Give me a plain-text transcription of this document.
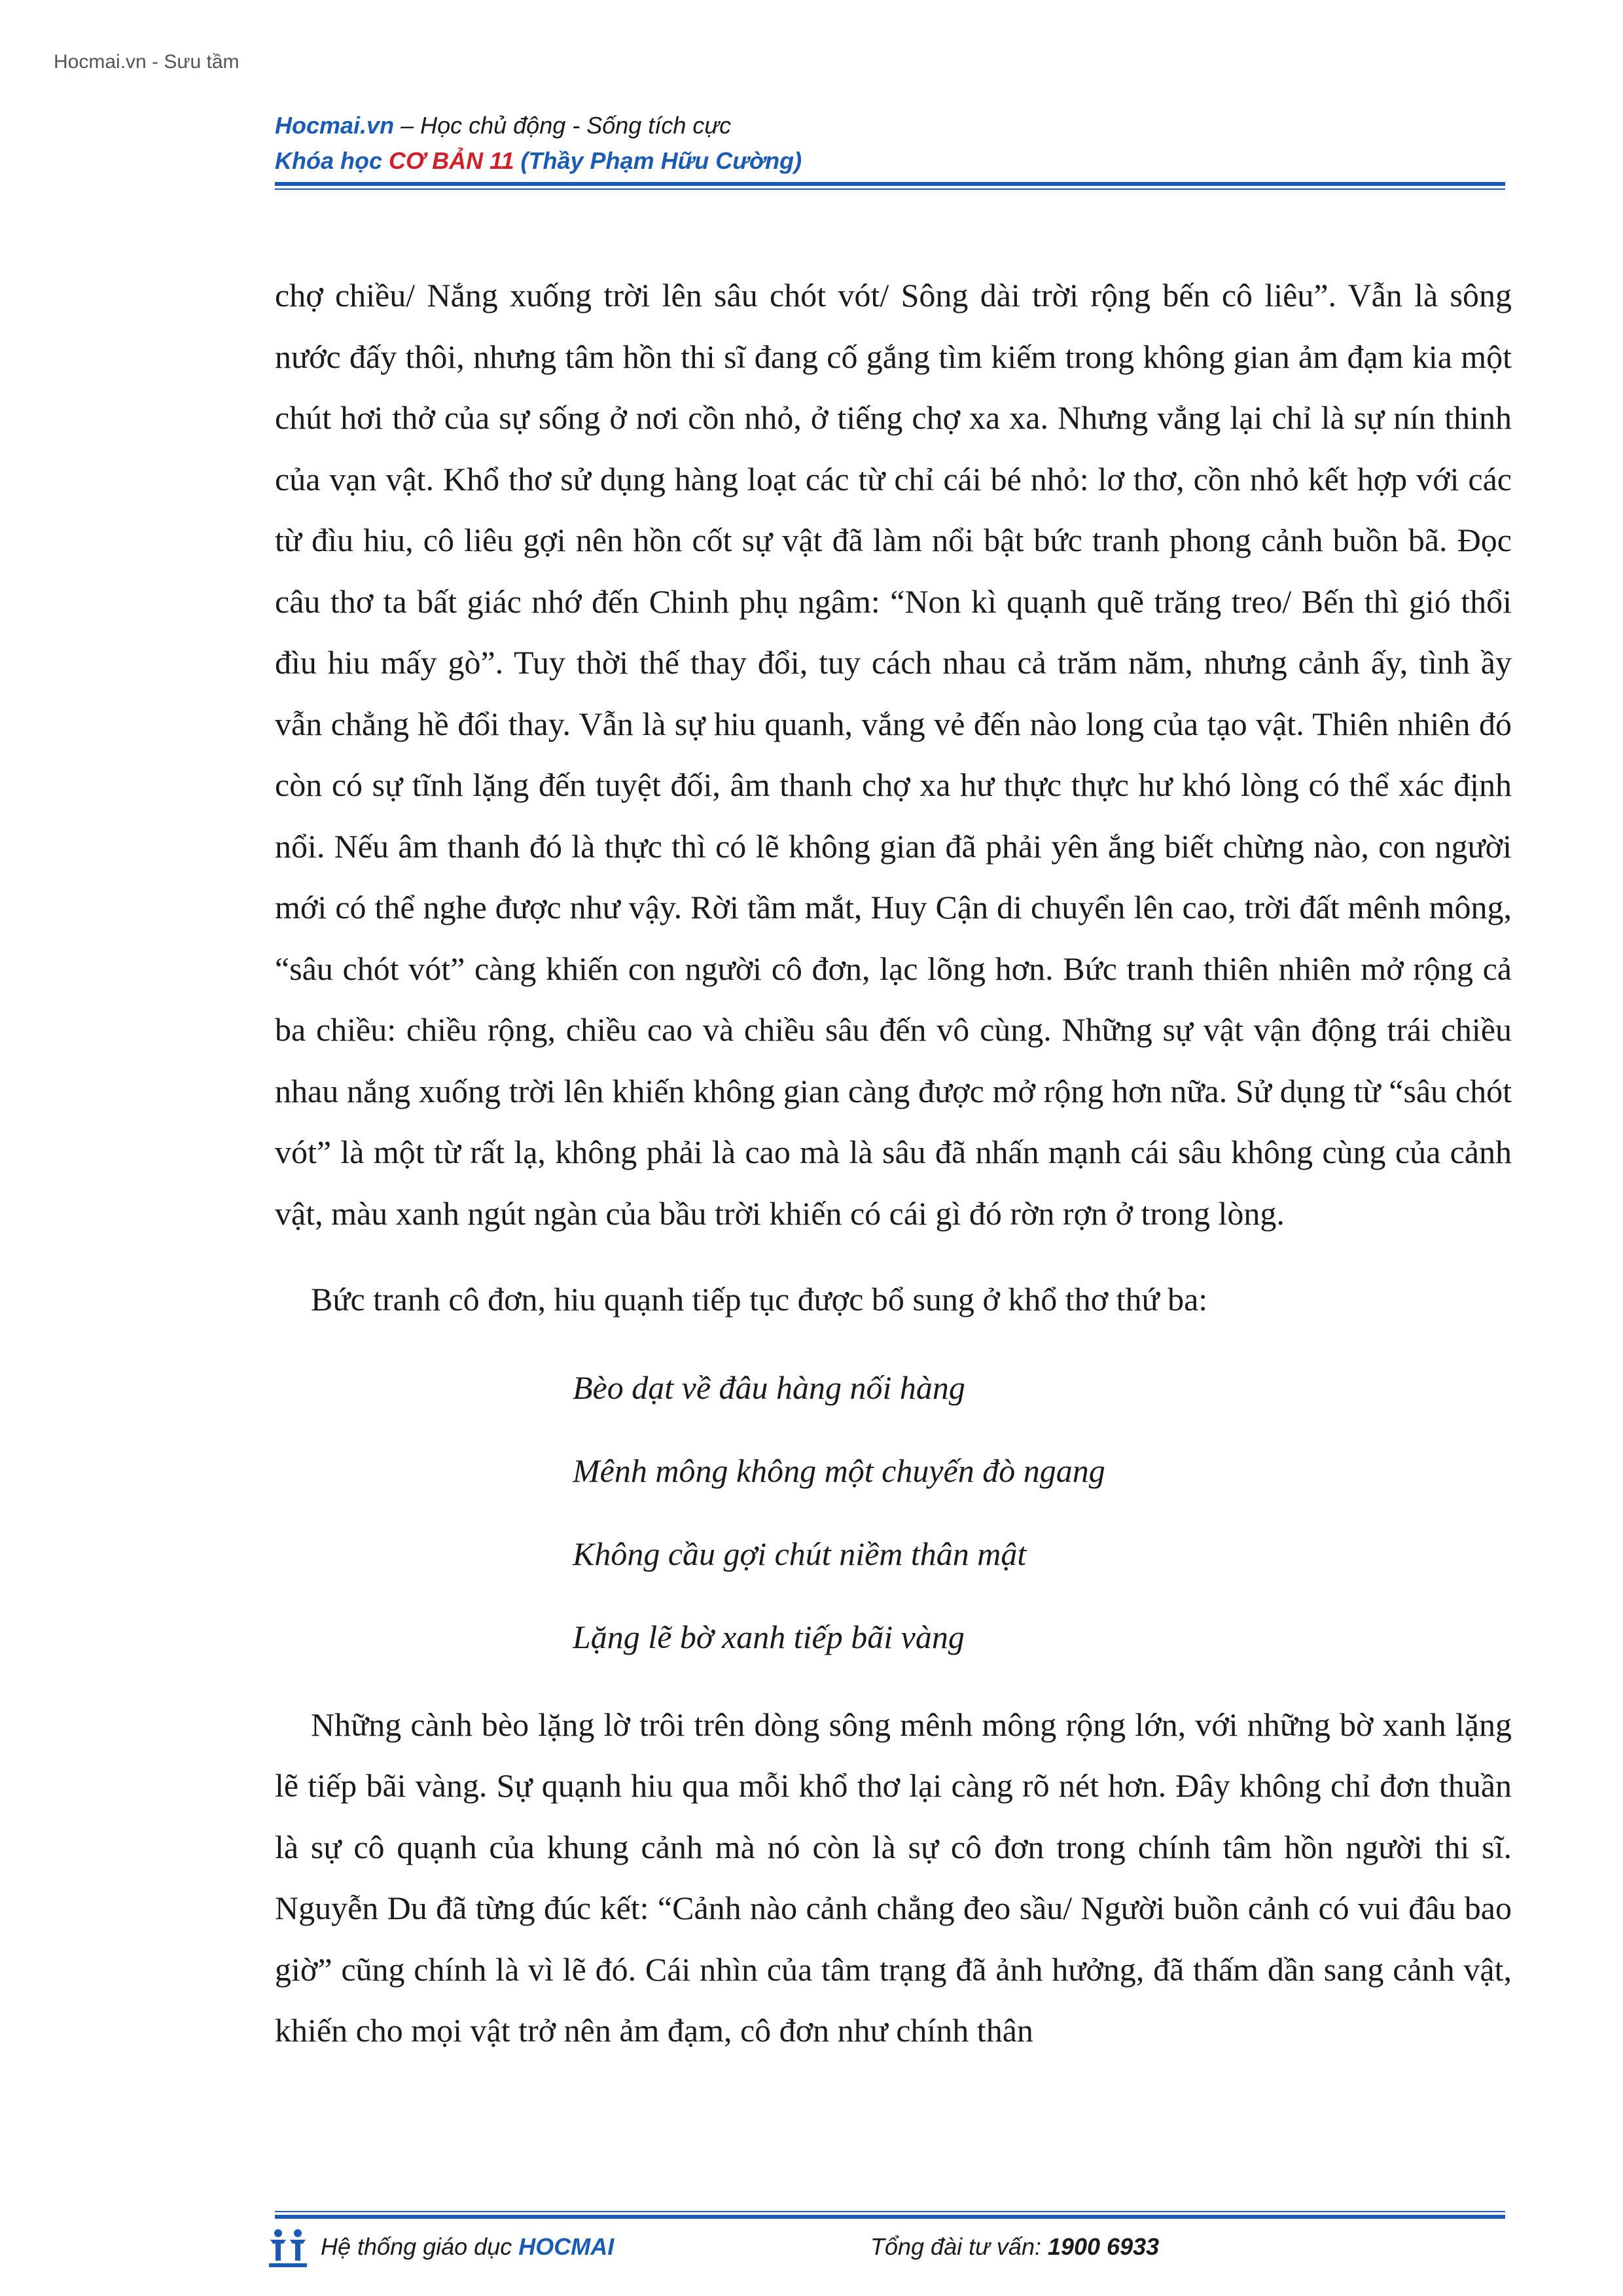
Hocmai.vn - Sưu tầm
Hocmai.vn – Học chủ động - Sống tích cực
Khóa học CƠ BẢN 11 (Thầy Phạm Hữu Cường)

chợ chiều/ Nắng xuống trời lên sâu chót vót/ Sông dài trời rộng bến cô liêu”. Vẫn là sông nước đấy thôi, nhưng tâm hồn thi sĩ đang cố gắng tìm kiếm trong không gian ảm đạm kia một chút hơi thở của sự sống ở nơi cồn nhỏ, ở tiếng chợ xa xa. Nhưng vẳng lại chỉ là sự nín thinh của vạn vật. Khổ thơ sử dụng hàng loạt các từ chỉ cái bé nhỏ: lơ thơ, cồn nhỏ kết hợp với các từ đìu hiu, cô liêu gợi nên hồn cốt sự vật đã làm nổi bật bức tranh phong cảnh buồn bã. Đọc câu thơ ta bất giác nhớ đến Chinh phụ ngâm: “Non kì quạnh quẽ trăng treo/ Bến thì gió thổi đìu hiu mấy gò”. Tuy thời thế thay đổi, tuy cách nhau cả trăm năm, nhưng cảnh ấy, tình ầy vẫn chẳng hề đổi thay. Vẫn là sự hiu quanh, vắng vẻ đến nào long của tạo vật. Thiên nhiên đó còn có sự tĩnh lặng đến tuyệt đối, âm thanh chợ xa hư thực thực hư khó lòng có thể xác định nổi. Nếu âm thanh đó là thực thì có lẽ không gian đã phải yên ắng biết chừng nào, con người mới có thể nghe được như vậy. Rời tầm mắt, Huy Cận di chuyển lên cao, trời đất mênh mông, “sâu chót vót” càng khiến con người cô đơn, lạc lõng hơn. Bức tranh thiên nhiên mở rộng cả ba chiều: chiều rộng, chiều cao và chiều sâu đến vô cùng. Những sự vật vận động trái chiều nhau nắng xuống trời lên khiến không gian càng được mở rộng hơn nữa. Sử dụng từ “sâu chót vót” là một từ rất lạ, không phải là cao mà là sâu đã nhấn mạnh cái sâu không cùng của cảnh vật, màu xanh ngút ngàn của bầu trời khiến có cái gì đó rờn rợn ở trong lòng.

Bức tranh cô đơn, hiu quạnh tiếp tục được bổ sung ở khổ thơ thứ ba:

Bèo dạt về đâu hàng nối hàng
Mênh mông không một chuyến đò ngang
Không cầu gợi chút niềm thân mật
Lặng lẽ bờ xanh tiếp bãi vàng

Những cành bèo lặng lờ trôi trên dòng sông mênh mông rộng lớn, với những bờ xanh lặng lẽ tiếp bãi vàng. Sự quạnh hiu qua mỗi khổ thơ lại càng rõ nét hơn. Đây không chỉ đơn thuần là sự cô quạnh của khung cảnh mà nó còn là sự cô đơn trong chính tâm hồn người thi sĩ. Nguyễn Du đã từng đúc kết: “Cảnh nào cảnh chẳng đeo sầu/ Người buồn cảnh có vui đâu bao giờ” cũng chính là vì lẽ đó. Cái nhìn của tâm trạng đã ảnh hưởng, đã thấm dần sang cảnh vật, khiến cho mọi vật trở nên ảm đạm, cô đơn như chính thân

Hệ thống giáo dục HOCMAI	Tổng đài tư vấn: 1900 6933
